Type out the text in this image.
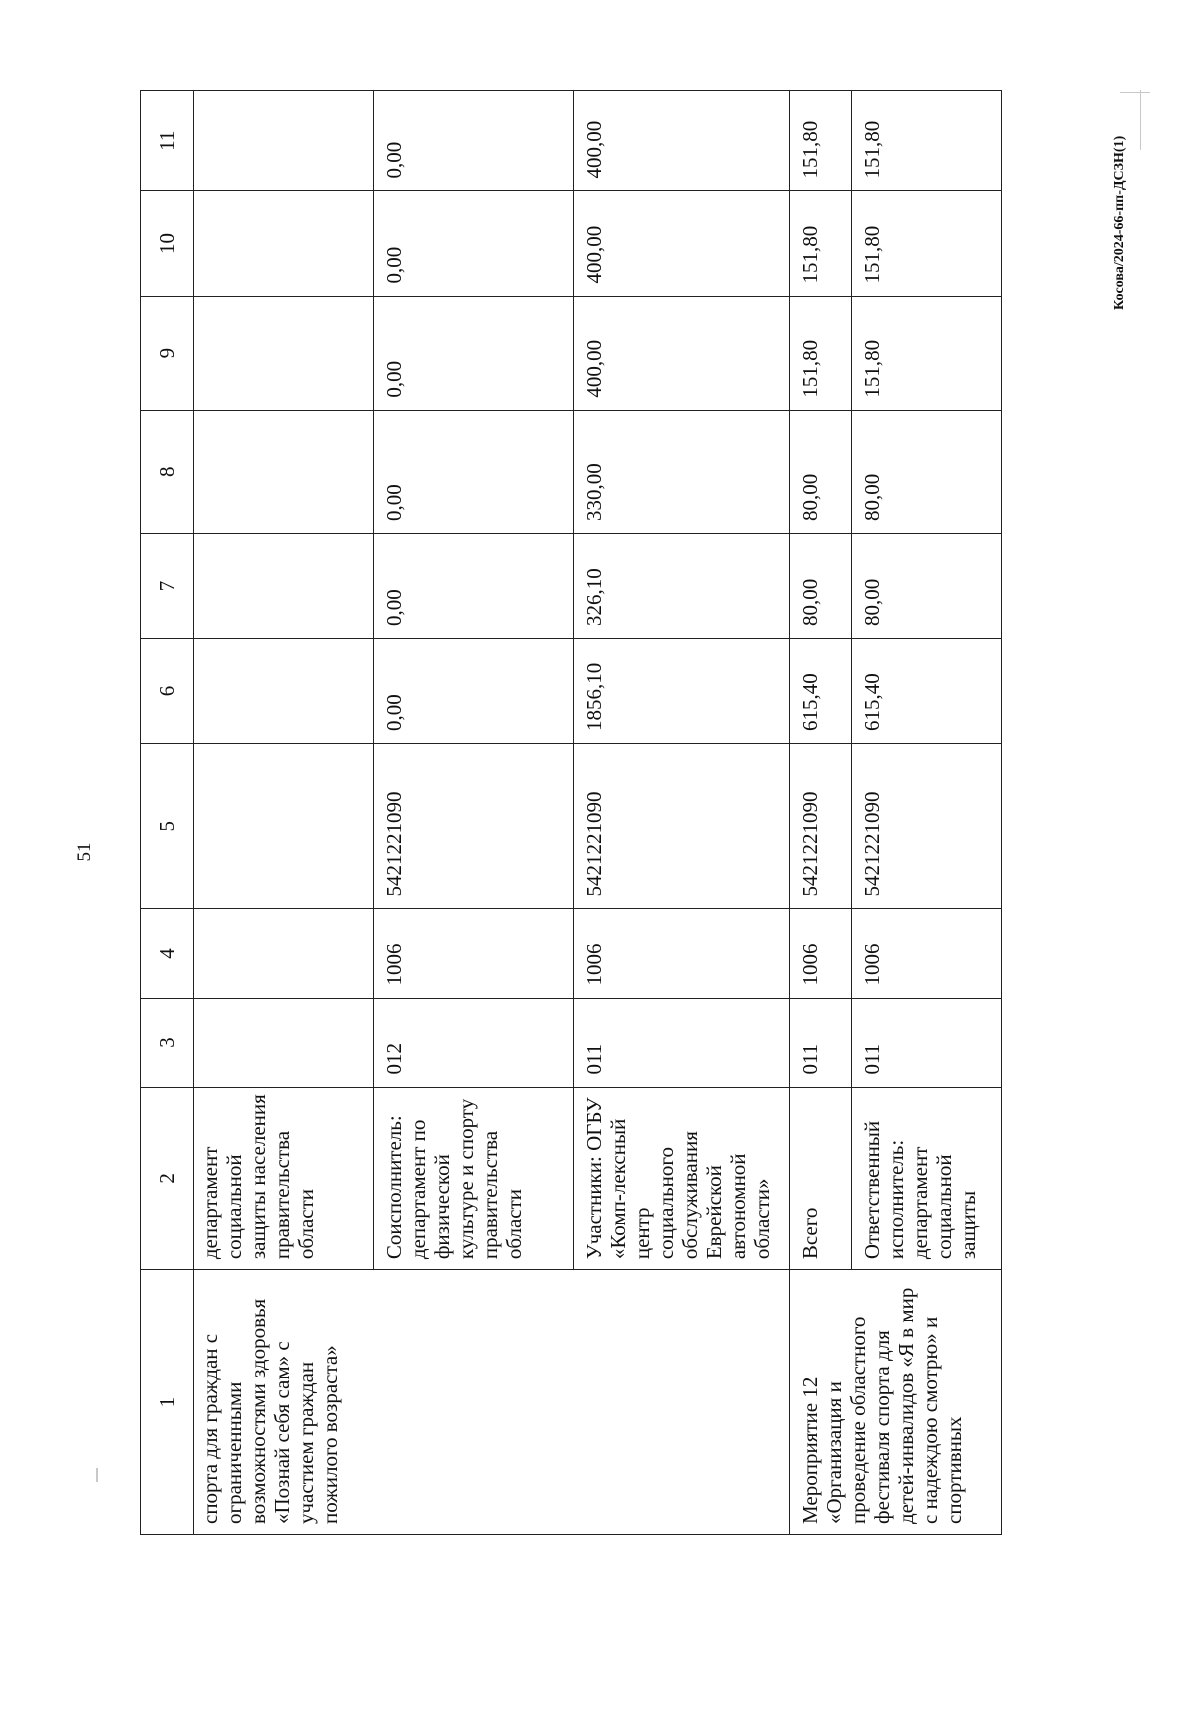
51
1	2	3	4	5	6	7	8	9	10	11
спорта для граждан с ограниченными возможностями здоровья «Познай себя сам» с участием граждан пожилого возраста»	департамент социальной защиты населения правительства области									
	Соисполнитель: департамент по физической культуре и спорту правительства области	012	1006	5421221090	0,00	0,00	0,00	0,00	0,00	0,00
	Участники: ОГБУ «Комп-лексный центр социального обслуживания Еврейской автономной области»	011	1006	5421221090	1856,10	326,10	330,00	400,00	400,00	400,00
Мероприятие 12 «Организация и проведение областного фестиваля спорта для детей-инвалидов «Я в мир с надеждою смотрю» и спортивных	Всего	011	1006	5421221090	615,40	80,00	80,00	151,80	151,80	151,80
	Ответственный исполнитель: департамент социальной защиты	011	1006	5421221090	615,40	80,00	80,00	151,80	151,80	151,80	Косова/2024-66-пп-ДСЗН(1)
